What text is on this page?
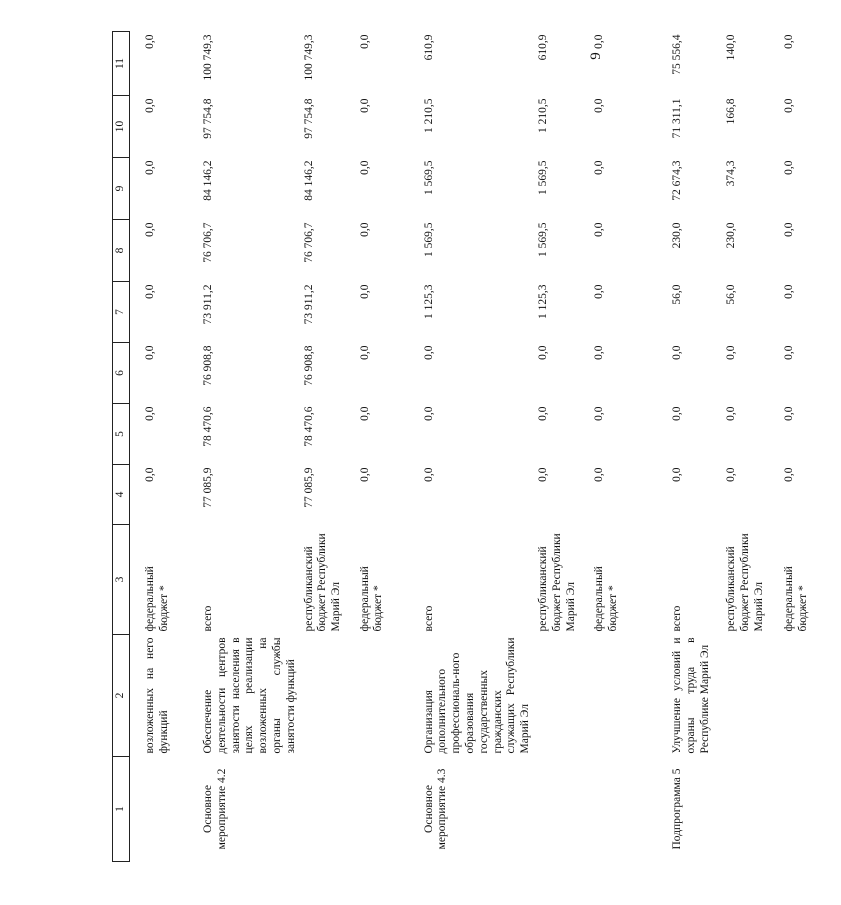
9
1	2	3	4	5	6	7	8	9	10	11

	возложенных на него функций	федеральный бюджет *	0,0	0,0	0,0	0,0	0,0	0,0	0,0	0,0
Основное мероприятие 4.2	Обеспечение деятельности центров занятости населения в целях реализации возложенных на органы службы занятости функций	всего	77 085,9	78 470,6	76 908,8	73 911,2	76 706,7	84 146,2	97 754,8	100 749,3
		республиканский бюджет Республики Марий Эл	77 085,9	78 470,6	76 908,8	73 911,2	76 706,7	84 146,2	97 754,8	100 749,3
		федеральный бюджет *	0,0	0,0	0,0	0,0	0,0	0,0	0,0	0,0
Основное мероприятие 4.3	Организация дополнительного профессиональ-ного образования государственных гражданских служащих Республики Марий Эл	всего	0,0	0,0	0,0	1 125,3	1 569,5	1 569,5	1 210,5	610,9
		республиканский бюджет Республики Марий Эл	0,0	0,0	0,0	1 125,3	1 569,5	1 569,5	1 210,5	610,9
		федеральный бюджет *	0,0	0,0	0,0	0,0	0,0	0,0	0,0	0,0
Подпрограмма 5	Улучшение условий и охраны труда в Республике Марий Эл	всего	0,0	0,0	0,0	56,0	230,0	72 674,3	71 311,1	75 556,4
		республиканский бюджет Республики Марий Эл	0,0	0,0	0,0	56,0	230,0	374,3	166,8	140,0
		федеральный бюджет *	0,0	0,0	0,0	0,0	0,0	0,0	0,0	0,0
